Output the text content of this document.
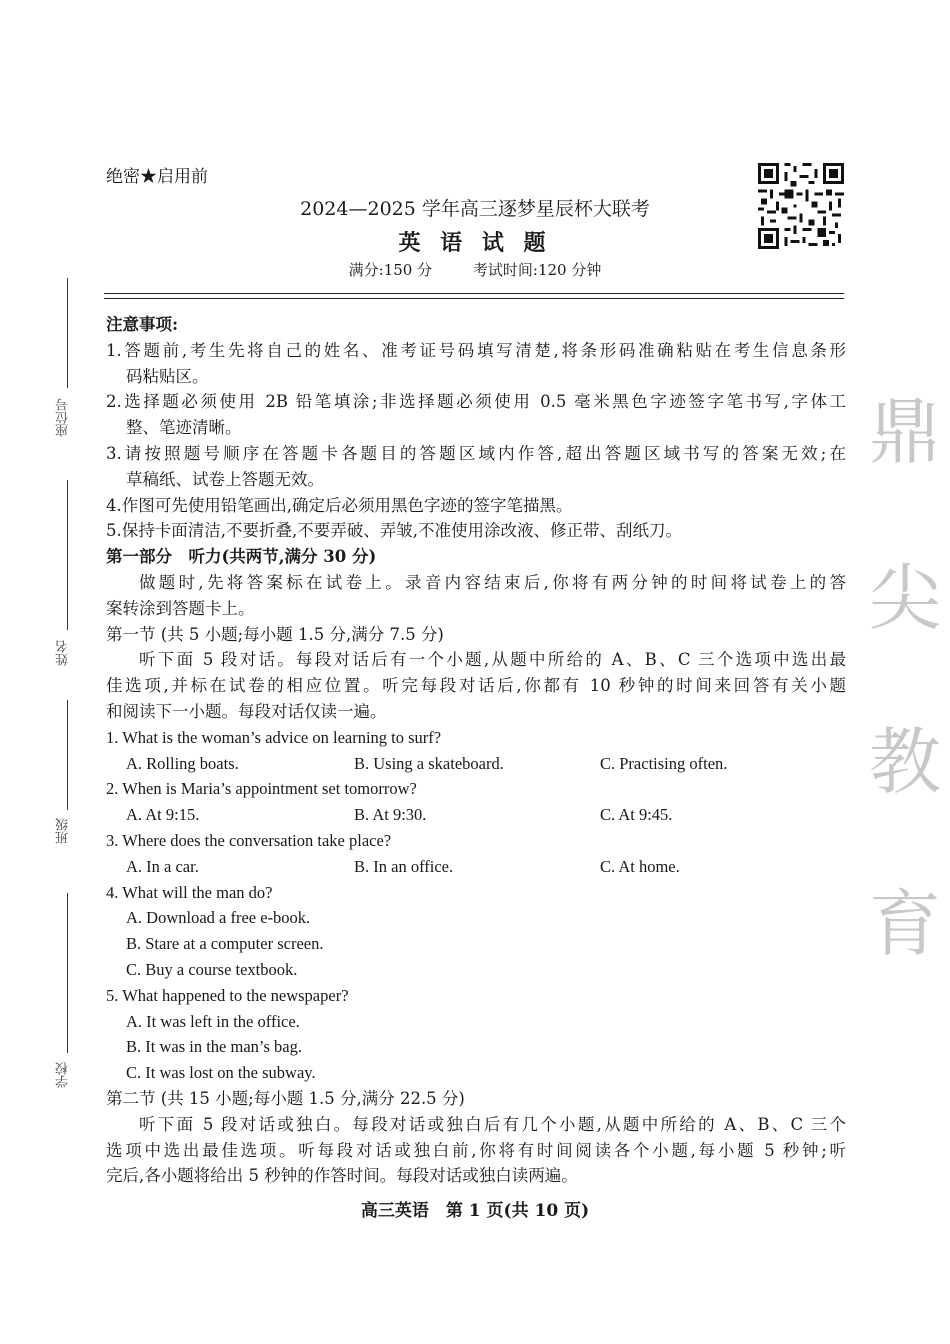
绝密★启用前
2024—2025 学年高三逐梦星辰杯大联考
英 语 试 题
满分:150 分	考试时间:120 分钟
座位号
姓名
班级
学校
鼎
尖
教
育
注意事项:
1.答题前,考生先将自己的姓名、准考证号码填写清楚,将条形码准确粘贴在考生信息条形
码粘贴区。
2.选择题必须使用 2B 铅笔填涂;非选择题必须使用 0.5 毫米黑色字迹签字笔书写,字体工
整、笔迹清晰。
3.请按照题号顺序在答题卡各题目的答题区域内作答,超出答题区域书写的答案无效;在
草稿纸、试卷上答题无效。
4.作图可先使用铅笔画出,确定后必须用黑色字迹的签字笔描黑。
5.保持卡面清洁,不要折叠,不要弄破、弄皱,不准使用涂改液、修正带、刮纸刀。
第一部分　听力(共两节,满分 30 分)
做题时,先将答案标在试卷上。录音内容结束后,你将有两分钟的时间将试卷上的答
案转涂到答题卡上。
第一节 (共 5 小题;每小题 1.5 分,满分 7.5 分)
听下面 5 段对话。每段对话后有一个小题,从题中所给的 A、B、C 三个选项中选出最
佳选项,并标在试卷的相应位置。听完每段对话后,你都有 10 秒钟的时间来回答有关小题
和阅读下一小题。每段对话仅读一遍。
1. What is the woman’s advice on learning to surf?
A. Rolling boats.	B. Using a skateboard.	C. Practising often.
2. When is Maria’s appointment set tomorrow?
A. At 9:15.	B. At 9:30.	C. At 9:45.
3. Where does the conversation take place?
A. In a car.	B. In an office.	C. At home.
4. What will the man do?
A. Download a free e-book.
B. Stare at a computer screen.
C. Buy a course textbook.
5. What happened to the newspaper?
A. It was left in the office.
B. It was in the man’s bag.
C. It was lost on the subway.
第二节 (共 15 小题;每小题 1.5 分,满分 22.5 分)
听下面 5 段对话或独白。每段对话或独白后有几个小题,从题中所给的 A、B、C 三个
选项中选出最佳选项。听每段对话或独白前,你将有时间阅读各个小题,每小题 5 秒钟;听
完后,各小题将给出 5 秒钟的作答时间。每段对话或独白读两遍。
高三英语　第 1 页(共 10 页)
